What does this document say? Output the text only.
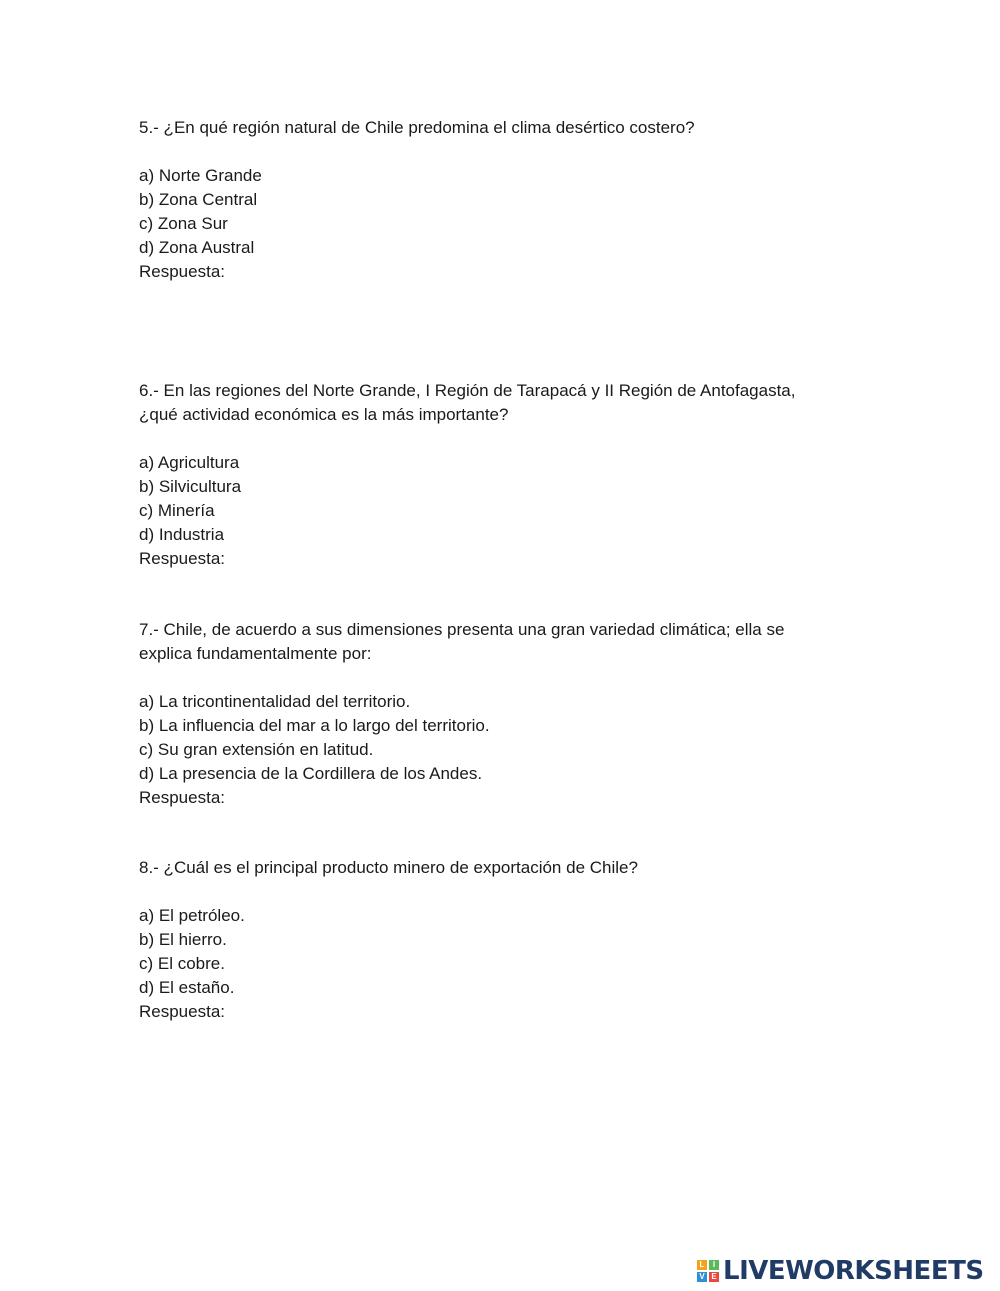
5.- ¿En qué región natural de Chile predomina el clima desértico costero?
a) Norte Grande
b) Zona Central
c) Zona Sur
d) Zona Austral
Respuesta:
6.- En las regiones del Norte Grande, I Región de Tarapacá y II Región de Antofagasta,
¿qué actividad económica es la más importante?
a) Agricultura
b) Silvicultura
c) Minería
d) Industria
Respuesta:
7.- Chile, de acuerdo a sus dimensiones presenta una gran variedad climática; ella se
explica fundamentalmente por:
a) La tricontinentalidad del territorio.
b) La influencia del mar a lo largo del territorio.
c) Su gran extensión en latitud.
d) La presencia de la Cordillera de los Andes.
Respuesta:
8.- ¿Cuál es el principal producto minero de exportación de Chile?
a) El petróleo.
b) El hierro.
c) El cobre.
d) El estaño.
Respuesta:
L	I
V E LIVEWORKSHEETS
